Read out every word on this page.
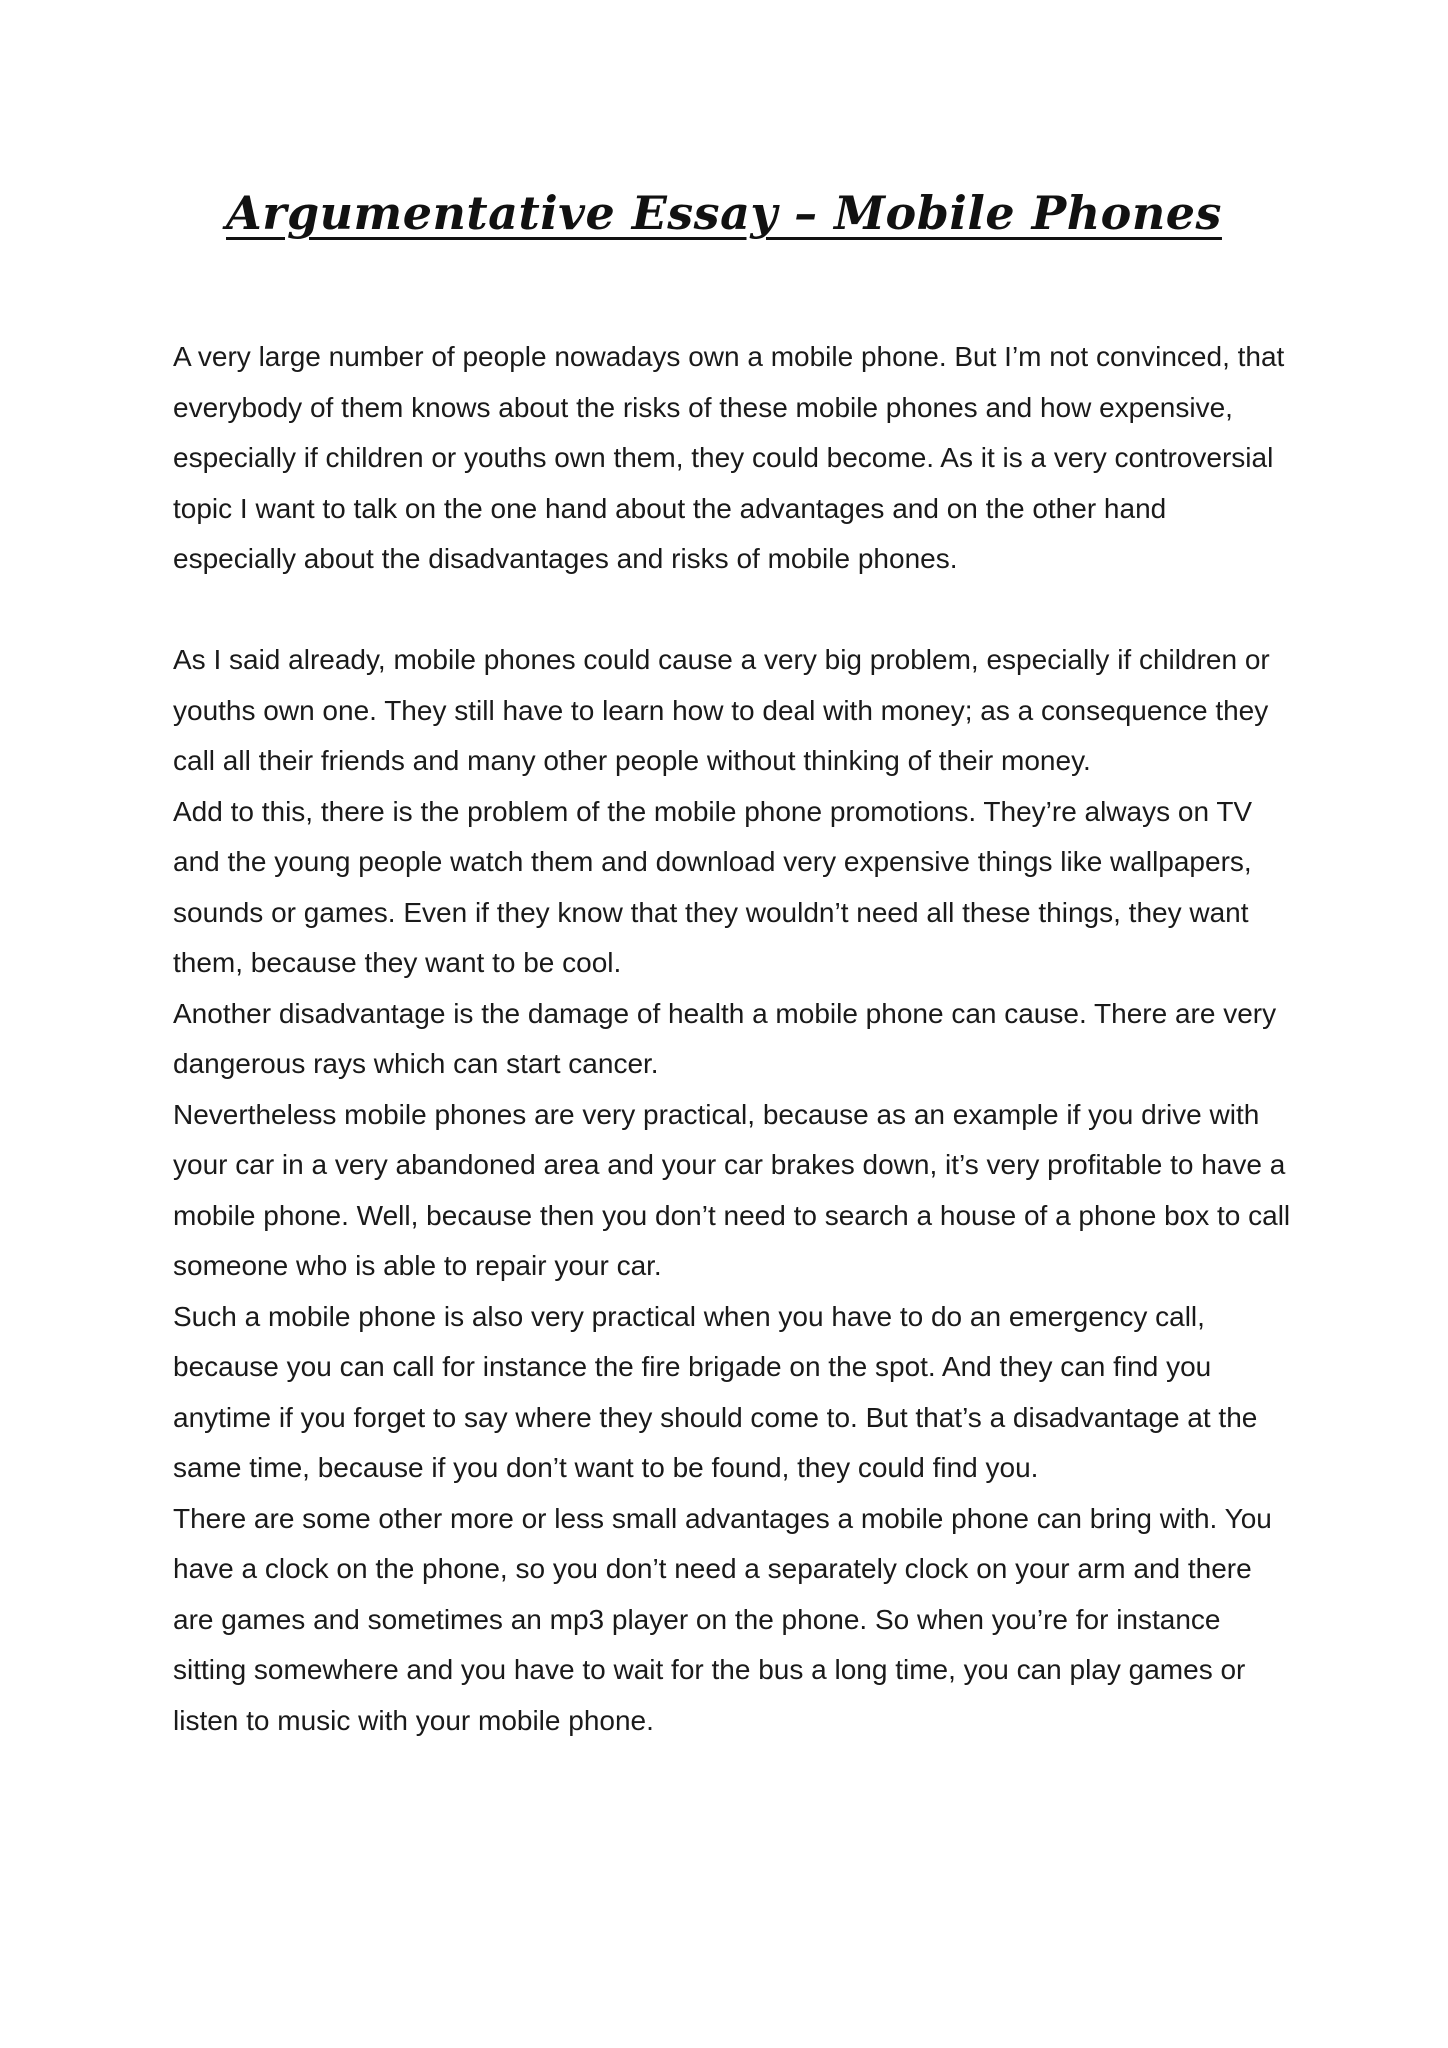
Argumentative Essay – Mobile Phones

A very large number of people nowadays own a mobile phone. But I’m not convinced, that everybody of them knows about the risks of these mobile phones and how expensive, especially if children or youths own them, they could become. As it is a very controversial topic I want to talk on the one hand about the advantages and on the other hand especially about the disadvantages and risks of mobile phones.

As I said already, mobile phones could cause a very big problem, especially if children or youths own one. They still have to learn how to deal with money; as a consequence they call all their friends and many other people without thinking of their money.

Add to this, there is the problem of the mobile phone promotions. They’re always on TV and the young people watch them and download very expensive things like wallpapers, sounds or games. Even if they know that they wouldn’t need all these things, they want them, because they want to be cool.

Another disadvantage is the damage of health a mobile phone can cause. There are very dangerous rays which can start cancer.

Nevertheless mobile phones are very practical, because as an example if you drive with your car in a very abandoned area and your car brakes down, it’s very profitable to have a mobile phone. Well, because then you don’t need to search a house of a phone box to call someone who is able to repair your car.

Such a mobile phone is also very practical when you have to do an emergency call, because you can call for instance the fire brigade on the spot. And they can find you anytime if you forget to say where they should come to. But that’s a disadvantage at the same time, because if you don’t want to be found, they could find you.

There are some other more or less small advantages a mobile phone can bring with. You have a clock on the phone, so you don’t need a separately clock on your arm and there are games and sometimes an mp3 player on the phone. So when you’re for instance sitting somewhere and you have to wait for the bus a long time, you can play games or listen to music with your mobile phone.
